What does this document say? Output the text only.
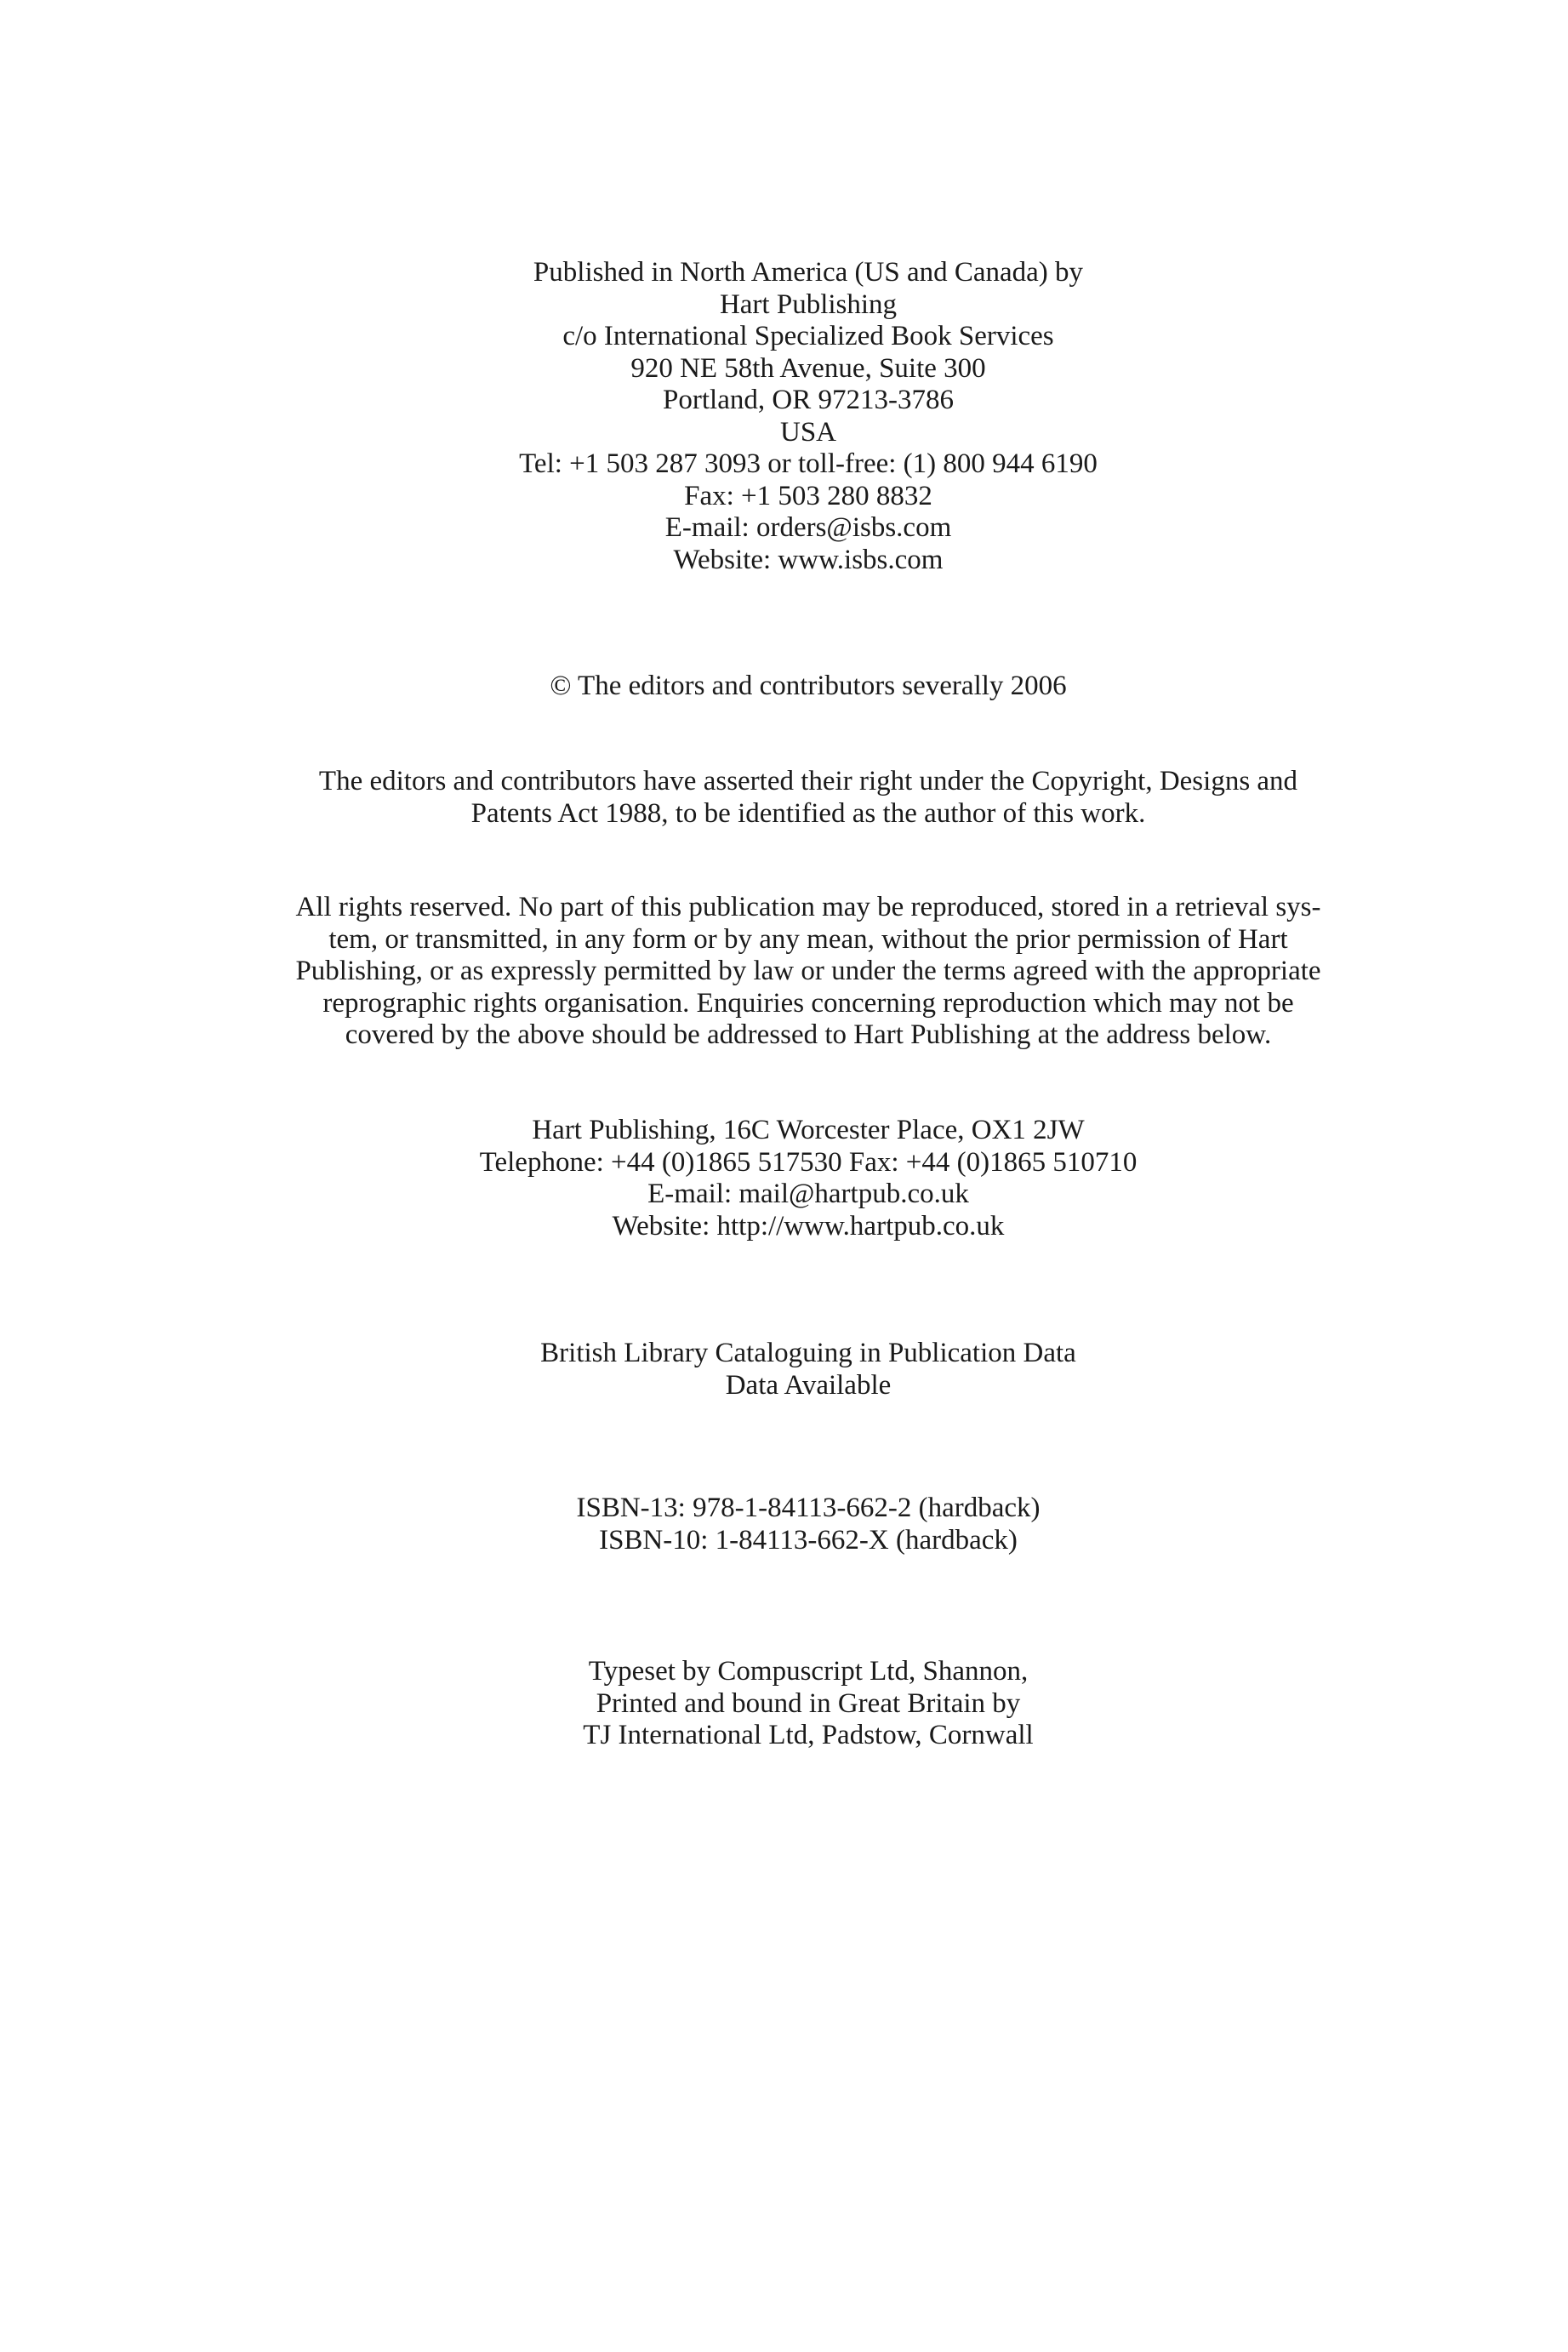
Published in North America (US and Canada) by
Hart Publishing
c/o International Specialized Book Services
920 NE 58th Avenue, Suite 300
Portland, OR 97213-3786
USA
Tel: +1 503 287 3093 or toll-free: (1) 800 944 6190
Fax: +1 503 280 8832
E-mail: orders@isbs.com
Website: www.isbs.com
© The editors and contributors severally 2006
The editors and contributors have asserted their right under the Copyright, Designs and
Patents Act 1988, to be identified as the author of this work.
All rights reserved. No part of this publication may be reproduced, stored in a retrieval sys-
tem, or transmitted, in any form or by any mean, without the prior permission of Hart
Publishing, or as expressly permitted by law or under the terms agreed with the appropriate
reprographic rights organisation. Enquiries concerning reproduction which may not be
covered by the above should be addressed to Hart Publishing at the address below.
Hart Publishing, 16C Worcester Place, OX1 2JW
Telephone: +44 (0)1865 517530 Fax: +44 (0)1865 510710
E-mail: mail@hartpub.co.uk
Website: http://www.hartpub.co.uk
British Library Cataloguing in Publication Data
Data Available
ISBN-13: 978-1-84113-662-2 (hardback)
ISBN-10: 1-84113-662-X (hardback)
Typeset by Compuscript Ltd, Shannon,
Printed and bound in Great Britain by
TJ International Ltd, Padstow, Cornwall
